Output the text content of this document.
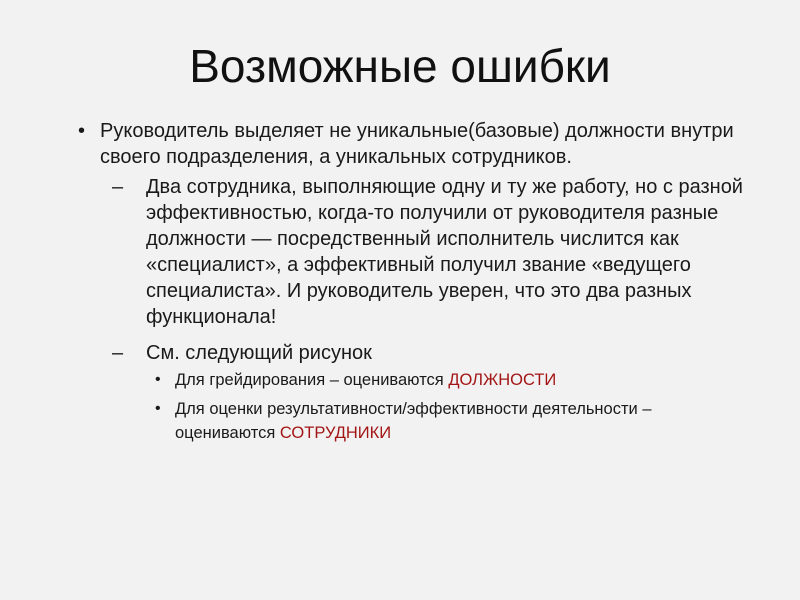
Возможные ошибки
• Руководитель выделяет не уникальные(базовые) должности внутри своего подразделения, а уникальных сотрудников.
–	Два сотрудника, выполняющие одну и ту же работу, но с разной эффективностью, когда-то получили от руководителя разные должности — посредственный исполнитель числится как «специалист», а эффективный получил звание «ведущего специалиста». И руководитель уверен, что это два разных функционала!
–	См. следующий рисунок
• Для грейдирования – оцениваются ДОЛЖНОСТИ
• Для оценки результативности/эффективности деятельности – оцениваются СОТРУДНИКИ
